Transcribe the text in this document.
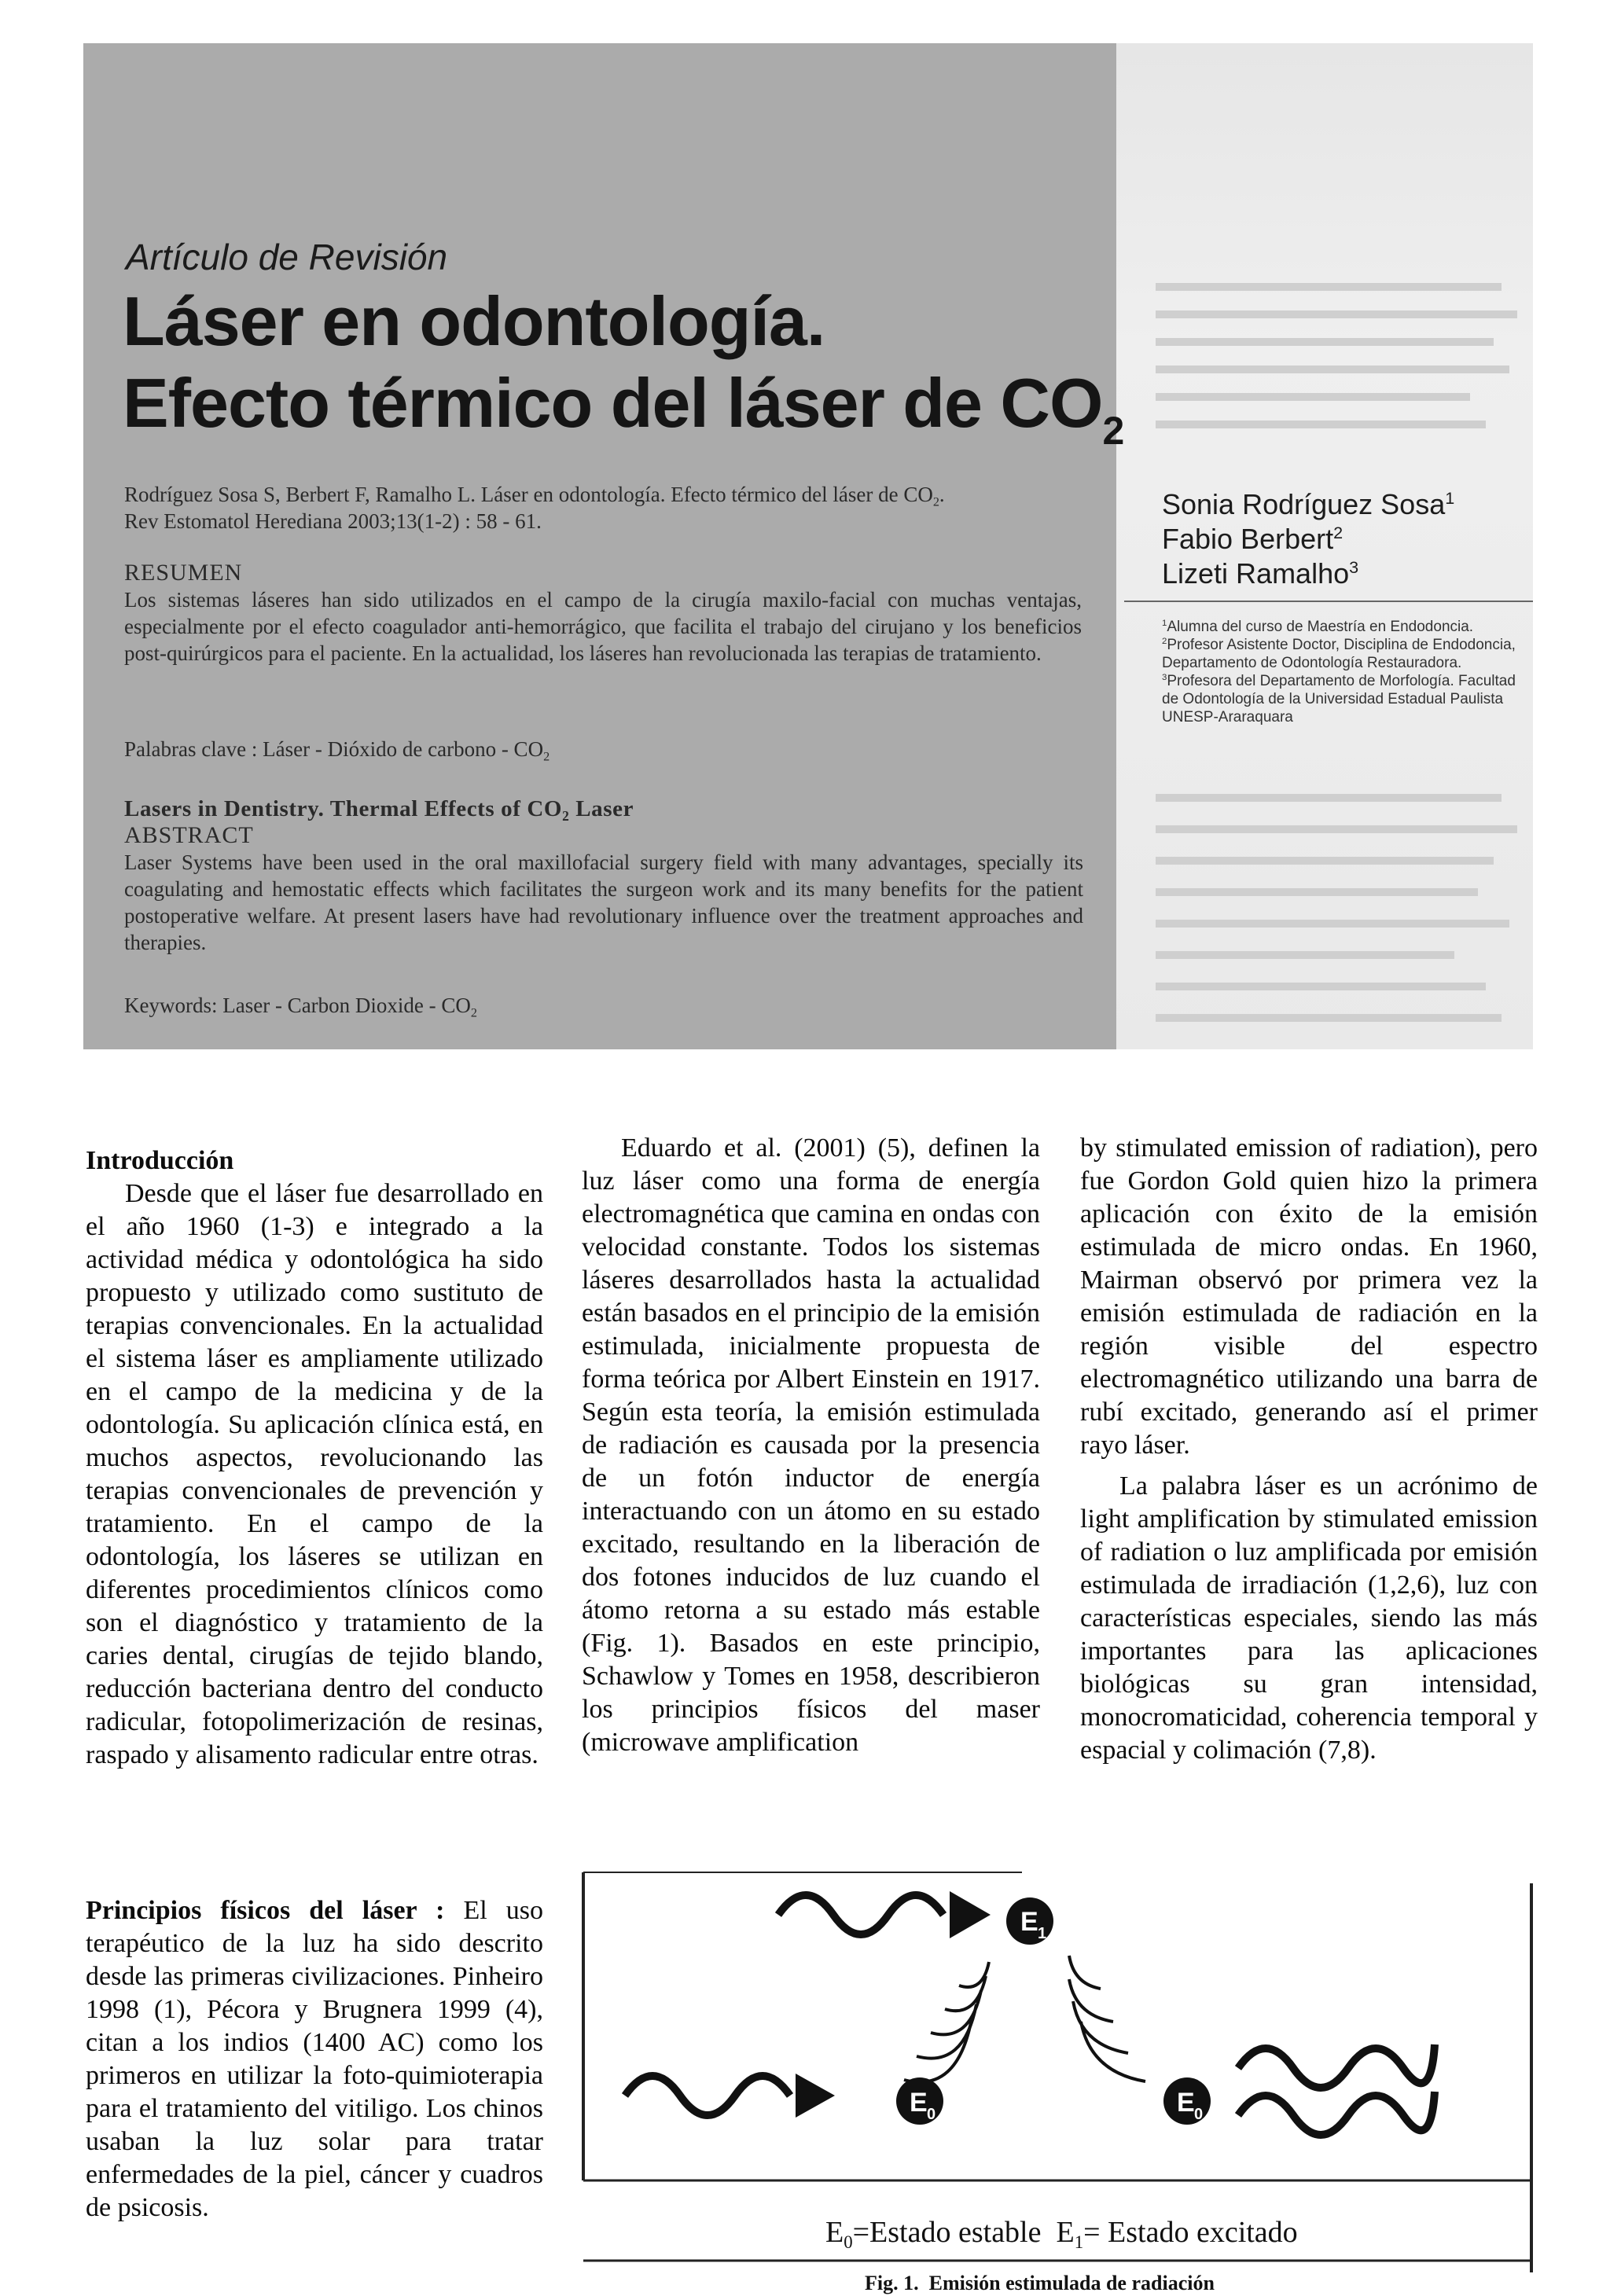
Artículo de Revisión
Láser en odontología.
Efecto térmico del láser de $CO_2$
Rodríguez Sosa S, Berbert F, Ramalho L. Láser en odontología. Efecto térmico del láser de $CO_2$.
Rev Estomatol Herediana 2003;13(1-2) : 58 - 61.
RESUMEN
Los sistemas láseres han sido utilizados en el campo de la cirugía maxilo-facial con muchas ventajas, especialmente por el efecto coagulador anti-hemorrágico, que facilita el trabajo del cirujano y los beneficios post-quirúrgicos para el paciente. En la actualidad, los láseres han revolucionada las terapias de tratamiento.
Palabras clave : Láser - Dióxido de carbono - $CO_2$
Lasers in Dentistry. Thermal Effects of $CO_2$ Laser
ABSTRACT
Laser Systems have been used in the oral maxillofacial surgery field with many advantages, specially its coagulating and hemostatic effects which facilitates the surgeon work and its many benefits for the patient postoperative welfare. At present lasers have had revolutionary influence over the treatment approaches and therapies.
Keywords: Laser - Carbon Dioxide - $CO_2$
Sonia Rodríguez Sosa$^1$
Fabio Berbert$^2$
Lizeti Ramalho$^3$
$^1$Alumna del curso de Maestría en Endodoncia.
$^2$Profesor Asistente Doctor, Disciplina de Endodoncia, Departamento de Odontología Restauradora.
$^3$Profesora del Departamento de Morfología. Facultad de Odontología de la Universidad Estadual Paulista UNESP-Araraquara

Introducción

Desde que el láser fue desarrollado en el año 1960 (1-3) e integrado a la actividad médica y odontológica ha sido propuesto y utilizado como sustituto de terapias convencionales. En la actualidad el sistema láser es ampliamente utilizado en el campo de la medicina y de la odontología. Su aplicación clínica está, en muchos aspectos, revolucionando las terapias convencionales de prevención y tratamiento. En el campo de la odontología, los láseres se utilizan en diferentes procedimientos clínicos como son el diagnóstico y tratamiento de la caries dental, cirugías de tejido blando, reducción bacteriana dentro del conducto radicular, fotopolimerización de resinas, raspado y alisamento radicular entre otras.

Principios físicos del láser : El uso terapéutico de la luz ha sido descrito desde las primeras civilizaciones. Pinheiro 1998 (1), Pécora y Brugnera 1999 (4), citan a los indios (1400 AC) como los primeros en utilizar la foto-quimioterapia para el tratamiento del vitiligo. Los chinos usaban la luz solar para tratar enfermedades de la piel, cáncer y cuadros de psicosis.

Eduardo et al. (2001) (5), definen la luz láser como una forma de energía electromagnética que camina en ondas con velocidad constante. Todos los sistemas láseres desarrollados hasta la actualidad están basados en el principio de la emisión estimulada, inicialmente propuesta de forma teórica por Albert Einstein en 1917. Según esta teoría, la emisión estimulada de radiación es causada por la presencia de un fotón inductor de energía interactuando con un átomo en su estado excitado, resultando en la liberación de dos fotones inducidos de luz cuando el átomo retorna a su estado más estable (Fig. 1). Basados en este principio, Schawlow y Tomes en 1958, describieron los principios físicos del maser (microwave amplification

by stimulated emission of radiation), pero fue Gordon Gold quien hizo la primera aplicación con éxito de la emisión estimulada de micro ondas. En 1960, Mairman observó por primera vez la emisión estimulada de radiación en la región visible del espectro electromagnético utilizando una barra de rubí excitado, generando así el primer rayo láser.

La palabra láser es un acrónimo de light amplification by stimulated emission of radiation o luz amplificada por emisión estimulada de irradiación (1,2,6), luz con características especiales, siendo las más importantes para las aplicaciones biológicas su gran intensidad, monocromaticidad, coherencia temporal y espacial y colimación (7,8).

E 1
E 0	E 0
$E_0=Estado$ estable  $E_1=$ Estado excitado
Fig. 1. Emisión estimulada de radiación
